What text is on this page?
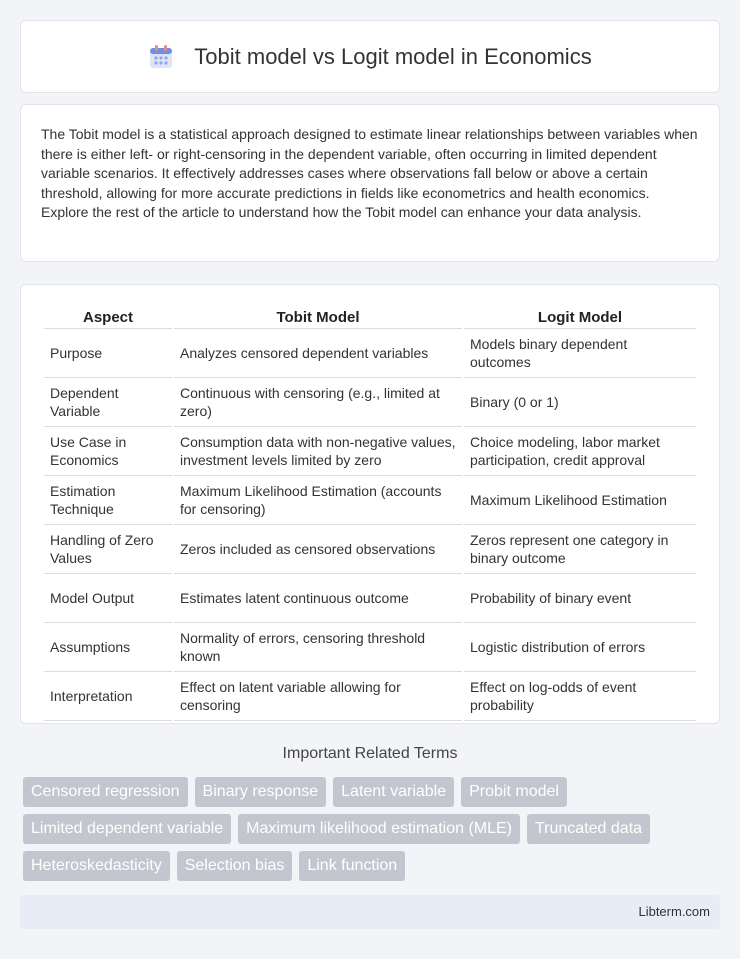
Tobit model vs Logit model in Economics

The Tobit model is a statistical approach designed to estimate linear relationships between variables when there is either left- or right-censoring in the dependent variable, often occurring in limited dependent variable scenarios. It effectively addresses cases where observations fall below or above a certain threshold, allowing for more accurate predictions in fields like econometrics and health economics. Explore the rest of the article to understand how the Tobit model can enhance your data analysis.

Aspect	Tobit Model	Logit Model
Purpose	Analyzes censored dependent variables	Models binary dependent outcomes
Dependent Variable	Continuous with censoring (e.g., limited at zero)	Binary (0 or 1)
Use Case in Economics	Consumption data with non-negative values, investment levels limited by zero	Choice modeling, labor market participation, credit approval
Estimation Technique	Maximum Likelihood Estimation (accounts for censoring)	Maximum Likelihood Estimation
Handling of Zero Values	Zeros included as censored observations	Zeros represent one category in binary outcome
Model Output	Estimates latent continuous outcome	Probability of binary event
Assumptions	Normality of errors, censoring threshold known	Logistic distribution of errors
Interpretation	Effect on latent variable allowing for censoring	Effect on log-odds of event probability
Important Related Terms
Censored regression	Binary response	Latent variable	Probit model
Limited dependent variable	Maximum likelihood estimation (MLE)	Truncated data
Heteroskedasticity	Selection bias	Link function
Libterm.com
